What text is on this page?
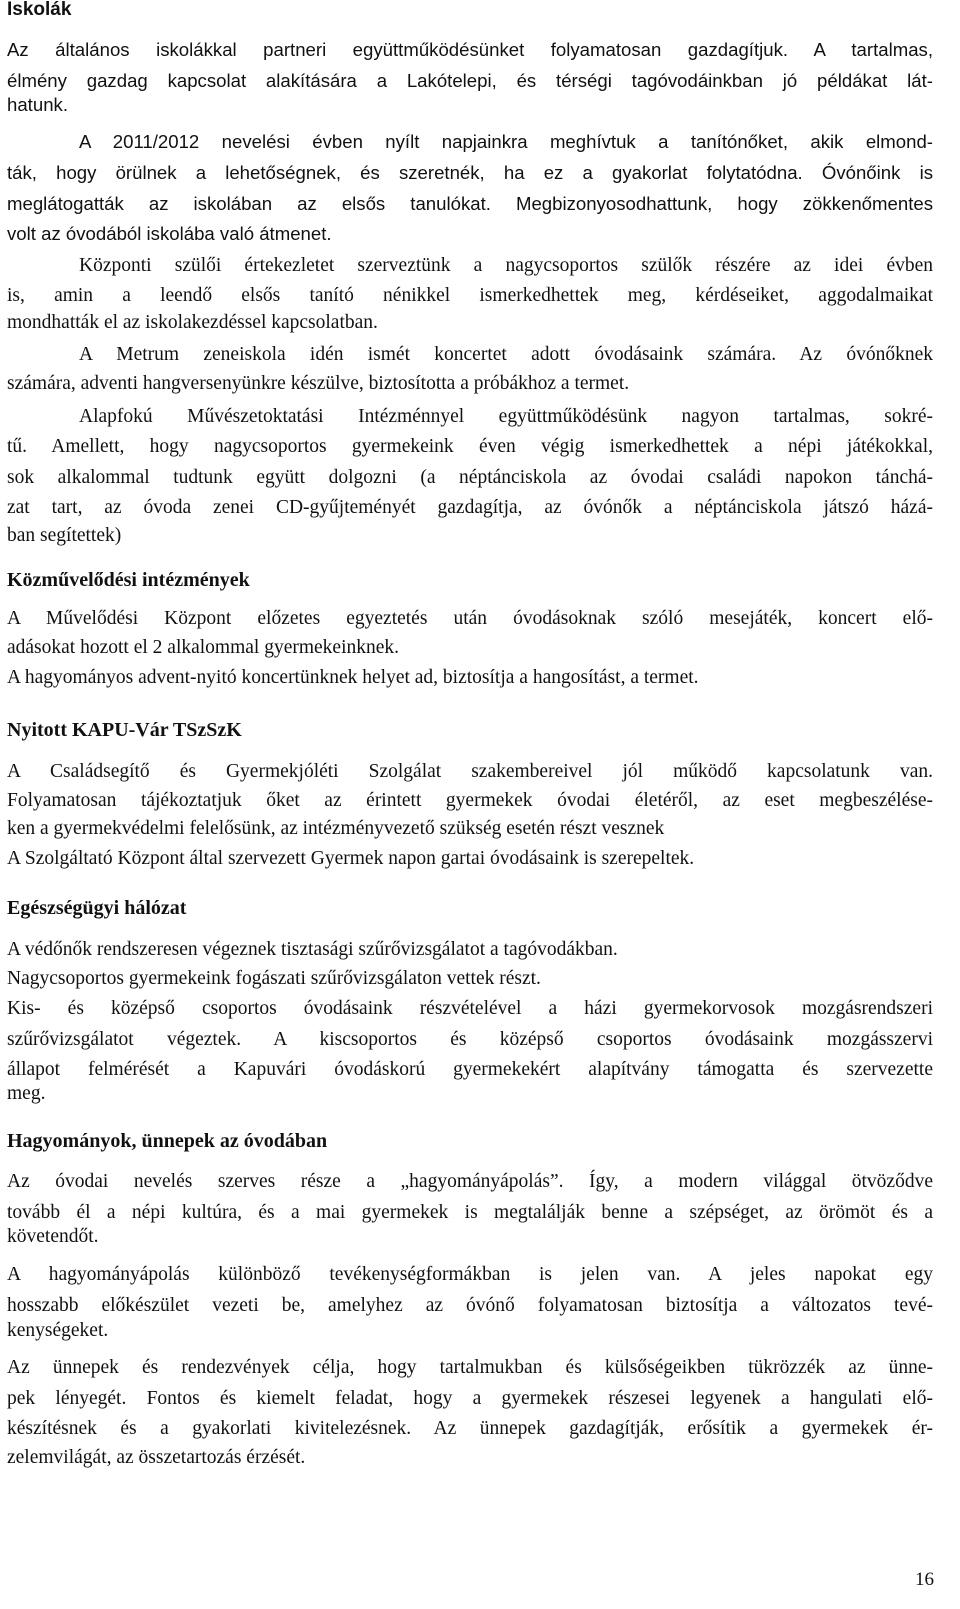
Iskolák

Az általános iskolákkal partneri együttműködésünket folyamatosan gazdagítjuk. A tartalmas,

élmény gazdag kapcsolat alakítására a Lakótelepi, és térségi tagóvodáinkban jó példákat lát-

hatunk.

A 2011/2012 nevelési évben nyílt napjainkra meghívtuk a tanítónőket, akik elmond-

ták, hogy örülnek a lehetőségnek, és szeretnék, ha ez a gyakorlat folytatódna. Óvónőink is

meglátogatták az iskolában az elsős tanulókat. Megbizonyosodhattunk, hogy zökkenőmentes

volt az óvodából iskolába való átmenet.

Központi szülői értekezletet szerveztünk a nagycsoportos szülők részére az idei évben

is, amin a leendő elsős tanító nénikkel ismerkedhettek meg, kérdéseiket, aggodalmaikat

mondhatták el az iskolakezdéssel kapcsolatban.

A Metrum zeneiskola idén ismét koncertet adott óvodásaink számára. Az óvónőknek

számára, adventi hangversenyünkre készülve, biztosította a próbákhoz a termet.

Alapfokú Művészetoktatási Intézménnyel együttműködésünk nagyon tartalmas, sokré-

tű. Amellett, hogy nagycsoportos gyermekeink éven végig ismerkedhettek a népi játékokkal,

sok alkalommal tudtunk együtt dolgozni (a néptánciskola az óvodai családi napokon tánchá-

zat tart, az óvoda zenei CD-gyűjteményét gazdagítja, az óvónők a néptánciskola játszó házá-

ban segítettek)

Közművelődési intézmények

A Művelődési Központ előzetes egyeztetés után óvodásoknak szóló mesejáték, koncert elő-

adásokat hozott el 2 alkalommal gyermekeinknek.

A hagyományos advent-nyitó koncertünknek helyet ad, biztosítja a hangosítást, a termet.

Nyitott KAPU-Vár TSzSzK

A Családsegítő és Gyermekjóléti Szolgálat szakembereivel jól működő kapcsolatunk van.

Folyamatosan tájékoztatjuk őket az érintett gyermekek óvodai életéről, az eset megbeszélése-

ken a gyermekvédelmi felelősünk, az intézményvezető szükség esetén részt vesznek

A Szolgáltató Központ által szervezett Gyermek napon gartai óvodásaink is szerepeltek.

Egészségügyi hálózat

A védőnők rendszeresen végeznek tisztasági szűrővizsgálatot a tagóvodákban.

Nagycsoportos gyermekeink fogászati szűrővizsgálaton vettek részt.

Kis- és középső csoportos óvodásaink részvételével a házi gyermekorvosok mozgásrendszeri

szűrővizsgálatot végeztek. A kiscsoportos és középső csoportos óvodásaink mozgásszervi

állapot felmérését a Kapuvári óvodáskorú gyermekekért alapítvány támogatta és szervezette

meg.

Hagyományok, ünnepek az óvodában

Az óvodai nevelés szerves része a „hagyományápolás”. Így, a modern világgal ötvöződve

tovább él a népi kultúra, és a mai gyermekek is megtalálják benne a szépséget, az örömöt és a

követendőt.

A hagyományápolás különböző tevékenységformákban is jelen van. A jeles napokat egy

hosszabb előkészület vezeti be, amelyhez az óvónő folyamatosan biztosítja a változatos tevé-

kenységeket.

Az ünnepek és rendezvények célja, hogy tartalmukban és külsőségeikben tükrözzék az ünne-

pek lényegét. Fontos és kiemelt feladat, hogy a gyermekek részesei legyenek a hangulati elő-

készítésnek és a gyakorlati kivitelezésnek. Az ünnepek gazdagítják, erősítik a gyermekek ér-

zelemvilágát, az összetartozás érzését.

16
